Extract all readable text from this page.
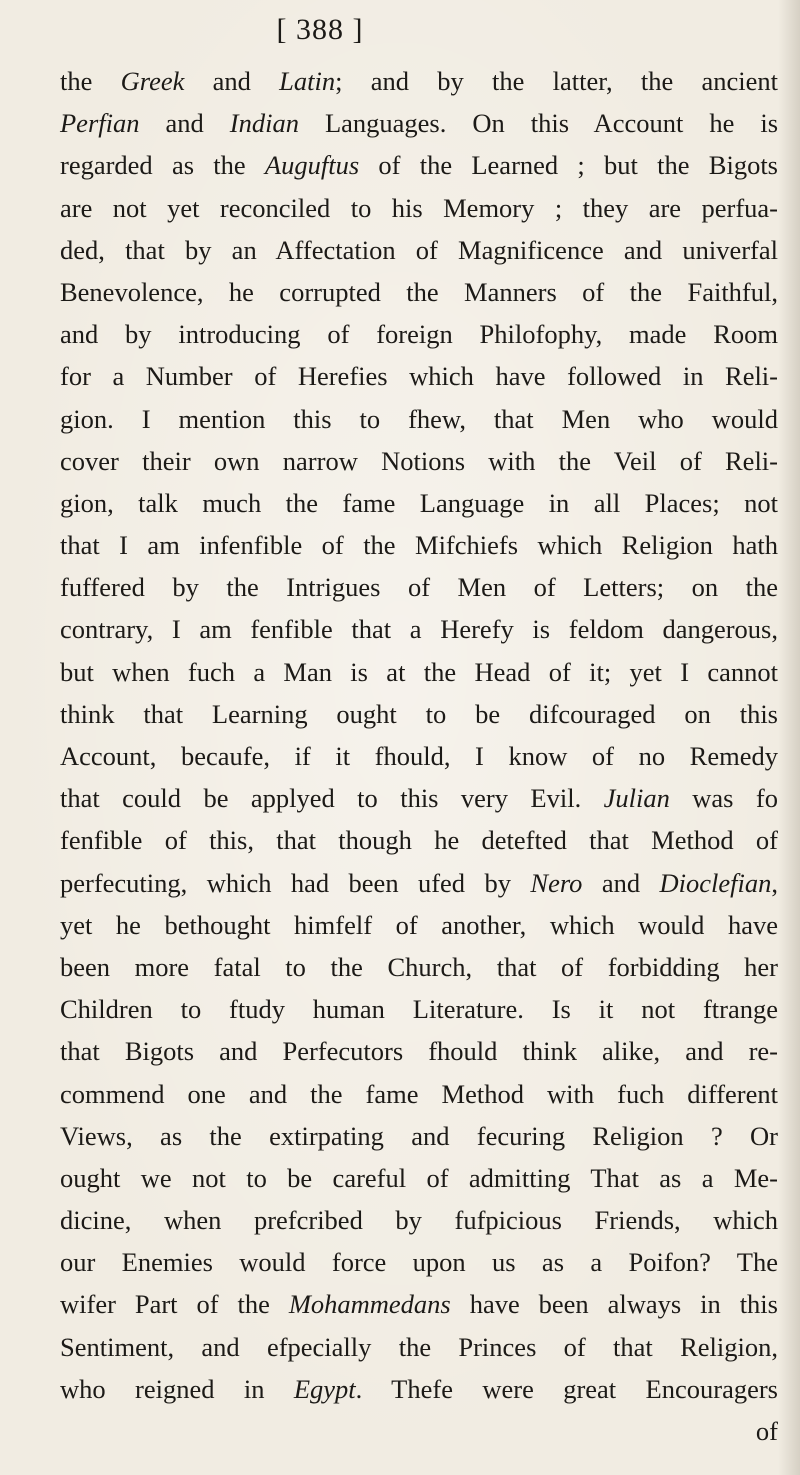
[ 388 ]
the Greek and Latin; and by the latter, the ancient
Perfian and Indian Languages. On this Account he is
regarded as the Auguftus of the Learned ; but the Bigots
are not yet reconciled to his Memory ; they are perfua-
ded, that by an Affectation of Magnificence and univerfal
Benevolence, he corrupted the Manners of the Faithful,
and by introducing of foreign Philofophy, made Room
for a Number of Herefies which have followed in Reli-
gion. I mention this to fhew, that Men who would
cover their own narrow Notions with the Veil of Reli-
gion, talk much the fame Language in all Places; not
that I am infenfible of the Mifchiefs which Religion hath
fuffered by the Intrigues of Men of Letters; on the
contrary, I am fenfible that a Herefy is feldom dangerous,
but when fuch a Man is at the Head of it; yet I cannot
think that Learning ought to be difcouraged on this
Account, becaufe, if it fhould, I know of no Remedy
that could be applyed to this very Evil. Julian was fo
fenfible of this, that though he detefted that Method of
perfecuting, which had been ufed by Nero and Dioclefian,
yet he bethought himfelf of another, which would have
been more fatal to the Church, that of forbidding her
Children to ftudy human Literature. Is it not ftrange
that Bigots and Perfecutors fhould think alike, and re-
commend one and the fame Method with fuch different
Views, as the extirpating and fecuring Religion ? Or
ought we not to be careful of admitting That as a Me-
dicine, when prefcribed by fufpicious Friends, which
our Enemies would force upon us as a Poifon? The
wifer Part of the Mohammedans have been always in this
Sentiment, and efpecially the Princes of that Religion,
who reigned in Egypt. Thefe were great Encouragers
of
